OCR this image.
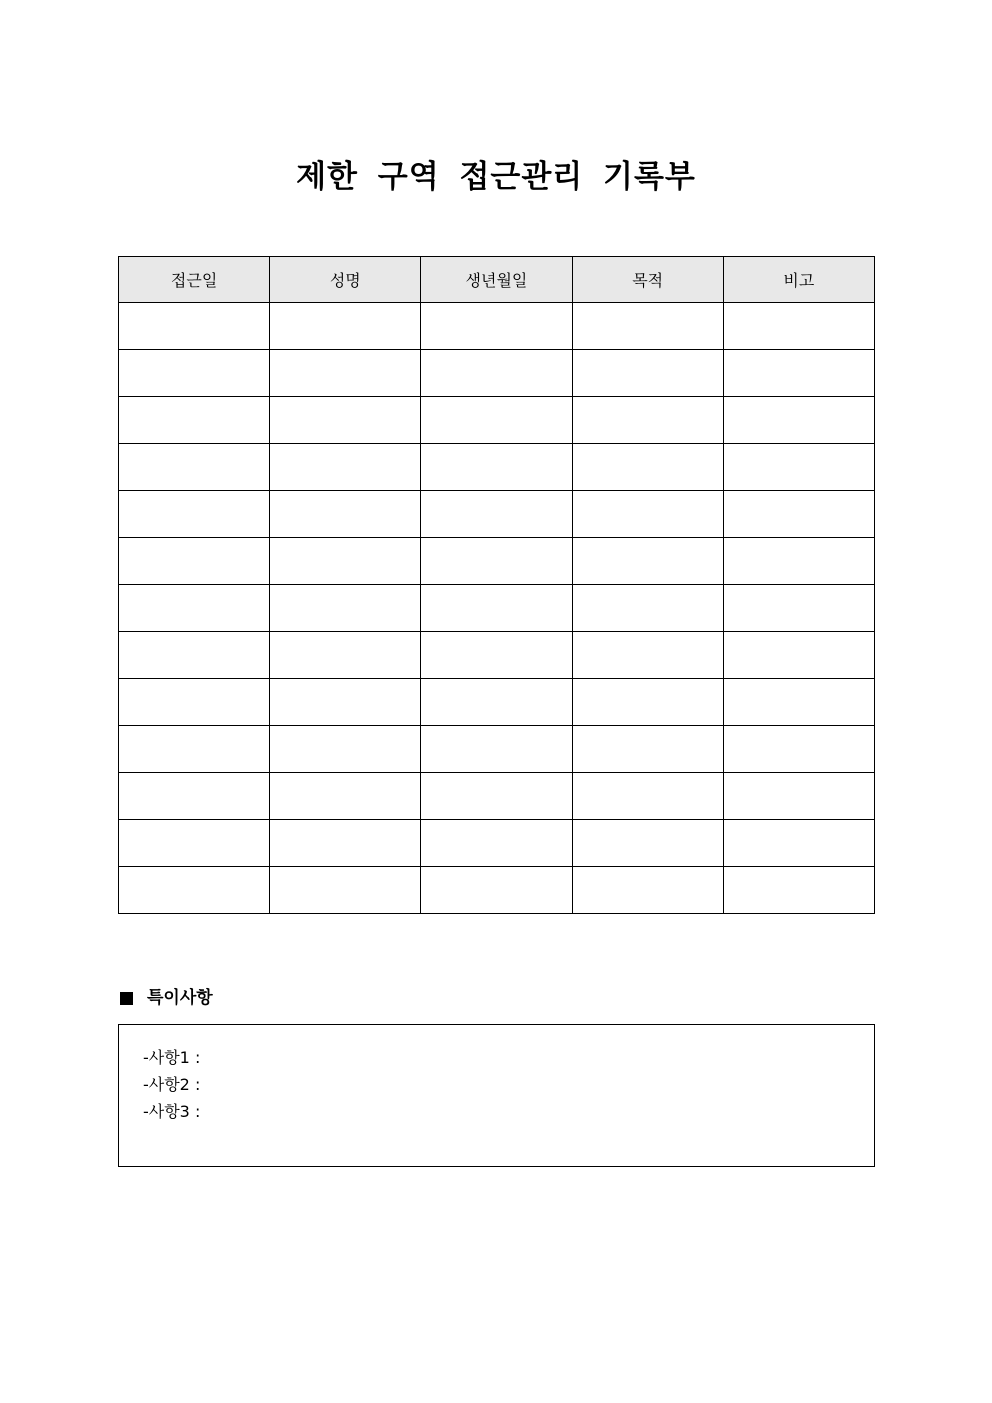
제한 구역 접근관리 기록부
접근일	성명	생년월일	목적	비고

특이사항
-사항1 :
-사항2 :
-사항3 :
